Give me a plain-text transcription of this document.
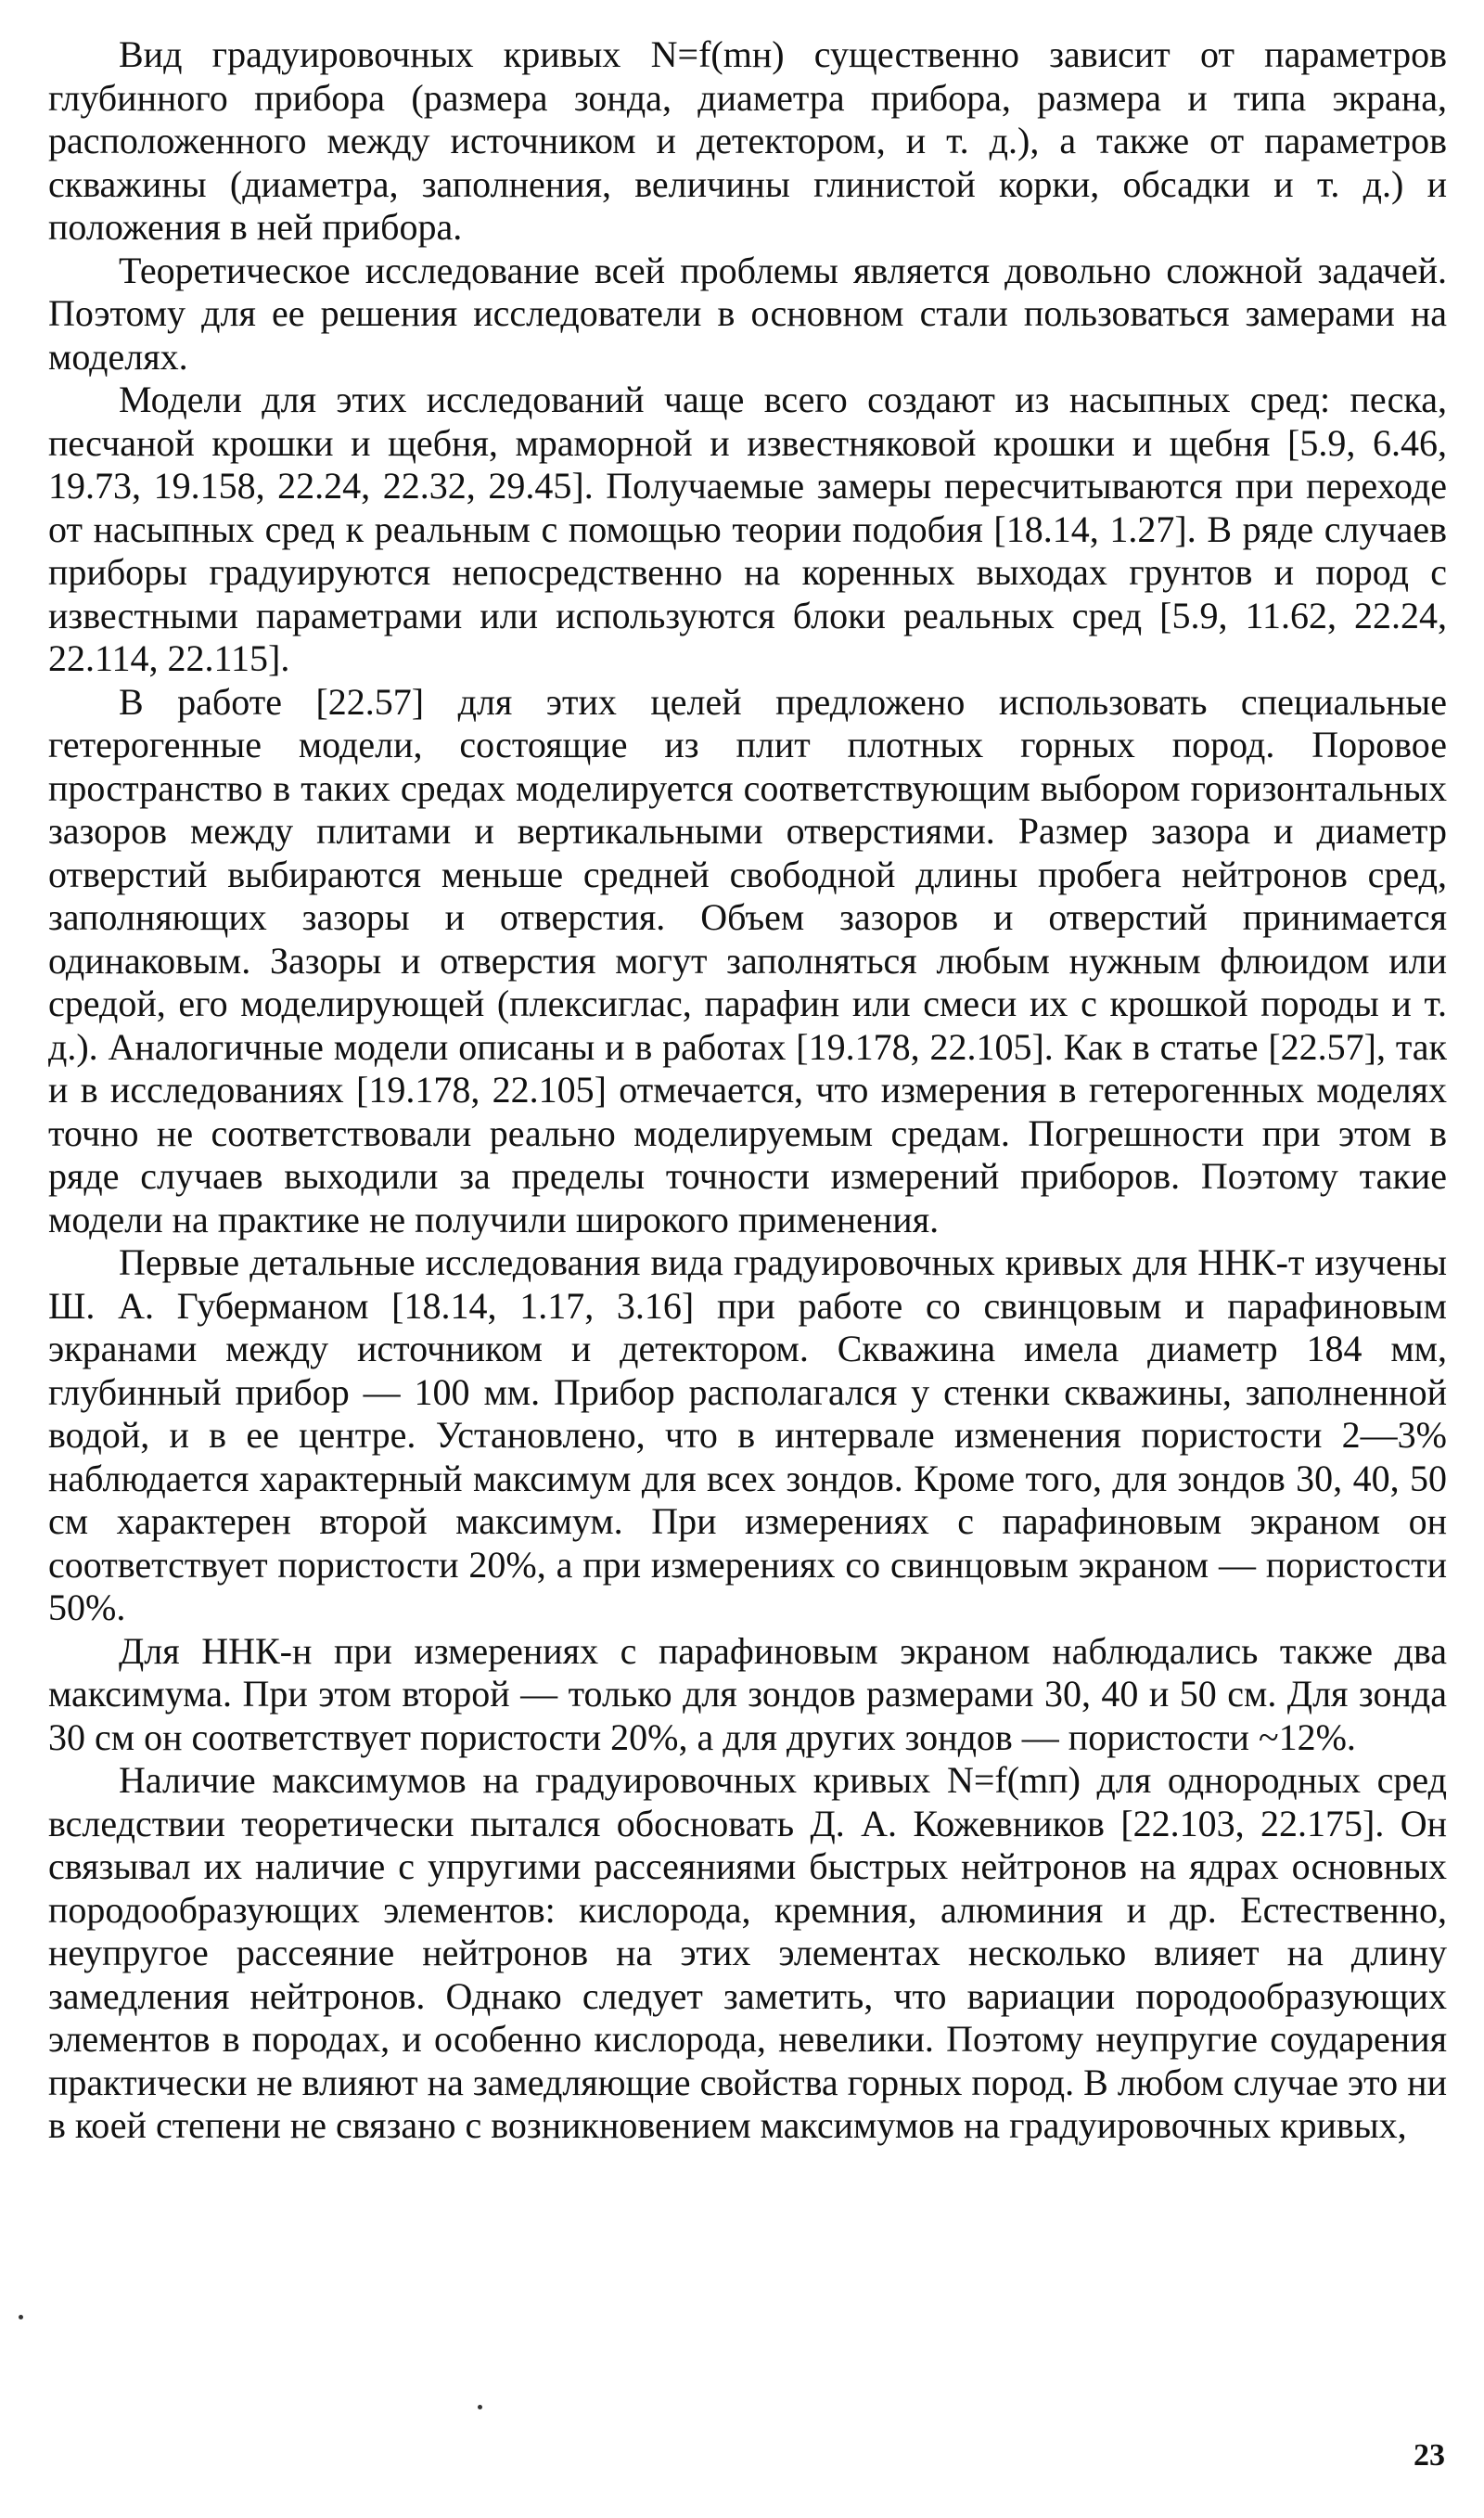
Вид градуировочных кривых N=f(mн) существенно зависит от параметров глубинного прибора (размера зонда, диаметра прибора, размера и типа экрана, расположенного между источником и детектором, и т. д.), а также от параметров скважины (диаметра, заполнения, величины глинистой корки, обсадки и т. д.) и положения в ней прибора.

Теоретическое исследование всей проблемы является довольно сложной задачей. Поэтому для ее решения исследователи в основном стали пользоваться замерами на моделях.

Модели для этих исследований чаще всего создают из насыпных сред: песка, песчаной крошки и щебня, мраморной и известняковой крошки и щебня [5.9, 6.46, 19.73, 19.158, 22.24, 22.32, 29.45]. Получаемые замеры пересчитываются при переходе от насыпных сред к реальным с помощью теории подобия [18.14, 1.27]. В ряде случаев приборы градуируются непосредственно на коренных выходах грунтов и пород с известными параметрами или используются блоки реальных сред [5.9, 11.62, 22.24, 22.114, 22.115].

В работе [22.57] для этих целей предложено использовать специальные гетерогенные модели, состоящие из плит плотных горных пород. Поровое пространство в таких средах моделируется соответствующим выбором горизонтальных зазоров между плитами и вертикальными отверстиями. Размер зазора и диаметр отверстий выбираются меньше средней свободной длины пробега нейтронов сред, заполняющих зазоры и отверстия. Объем зазоров и отверстий принимается одинаковым. Зазоры и отверстия могут заполняться любым нужным флюидом или средой, его моделирующей (плексиглас, парафин или смеси их с крошкой породы и т. д.). Аналогичные модели описаны и в работах [19.178, 22.105]. Как в статье [22.57], так и в исследованиях [19.178, 22.105] отмечается, что измерения в гетерогенных моделях точно не соответствовали реально моделируемым средам. Погрешности при этом в ряде случаев выходили за пределы точности измерений приборов. Поэтому такие модели на практике не получили широкого применения.

Первые детальные исследования вида градуировочных кривых для ННК-т изучены Ш. А. Губерманом [18.14, 1.17, 3.16] при работе со свинцовым и парафиновым экранами между источником и детектором. Скважина имела диаметр 184 мм, глубинный прибор — 100 мм. Прибор располагался у стенки скважины, заполненной водой, и в ее центре. Установлено, что в интервале изменения пористости 2—3% наблюдается характерный максимум для всех зондов. Кроме того, для зондов 30, 40, 50 см характерен второй максимум. При измерениях с парафиновым экраном он соответствует пористости 20%, а при измерениях со свинцовым экраном — пористости 50%.

Для ННК-н при измерениях с парафиновым экраном наблюдались также два максимума. При этом второй — только для зондов размерами 30, 40 и 50 см. Для зонда 30 см он соответствует пористости 20%, а для других зондов — пористости ~12%.

Наличие максимумов на градуировочных кривых N=f(mп) для однородных сред вследствии теоретически пытался обосновать Д. А. Кожевников [22.103, 22.175]. Он связывал их наличие с упругими рассеяниями быстрых нейтронов на ядрах основных породообразующих элементов: кислорода, кремния, алюминия и др. Естественно, неупругое рассеяние нейтронов на этих элементах несколько влияет на длину замедления нейтронов. Однако следует заметить, что вариации породообразующих элементов в породах, и особенно кислорода, невелики. Поэтому неупругие соударения практически не влияют на замедляющие свойства горных пород. В любом случае это ни в коей степени не связано с возникновением максимумов на градуировочных кривых,

23
